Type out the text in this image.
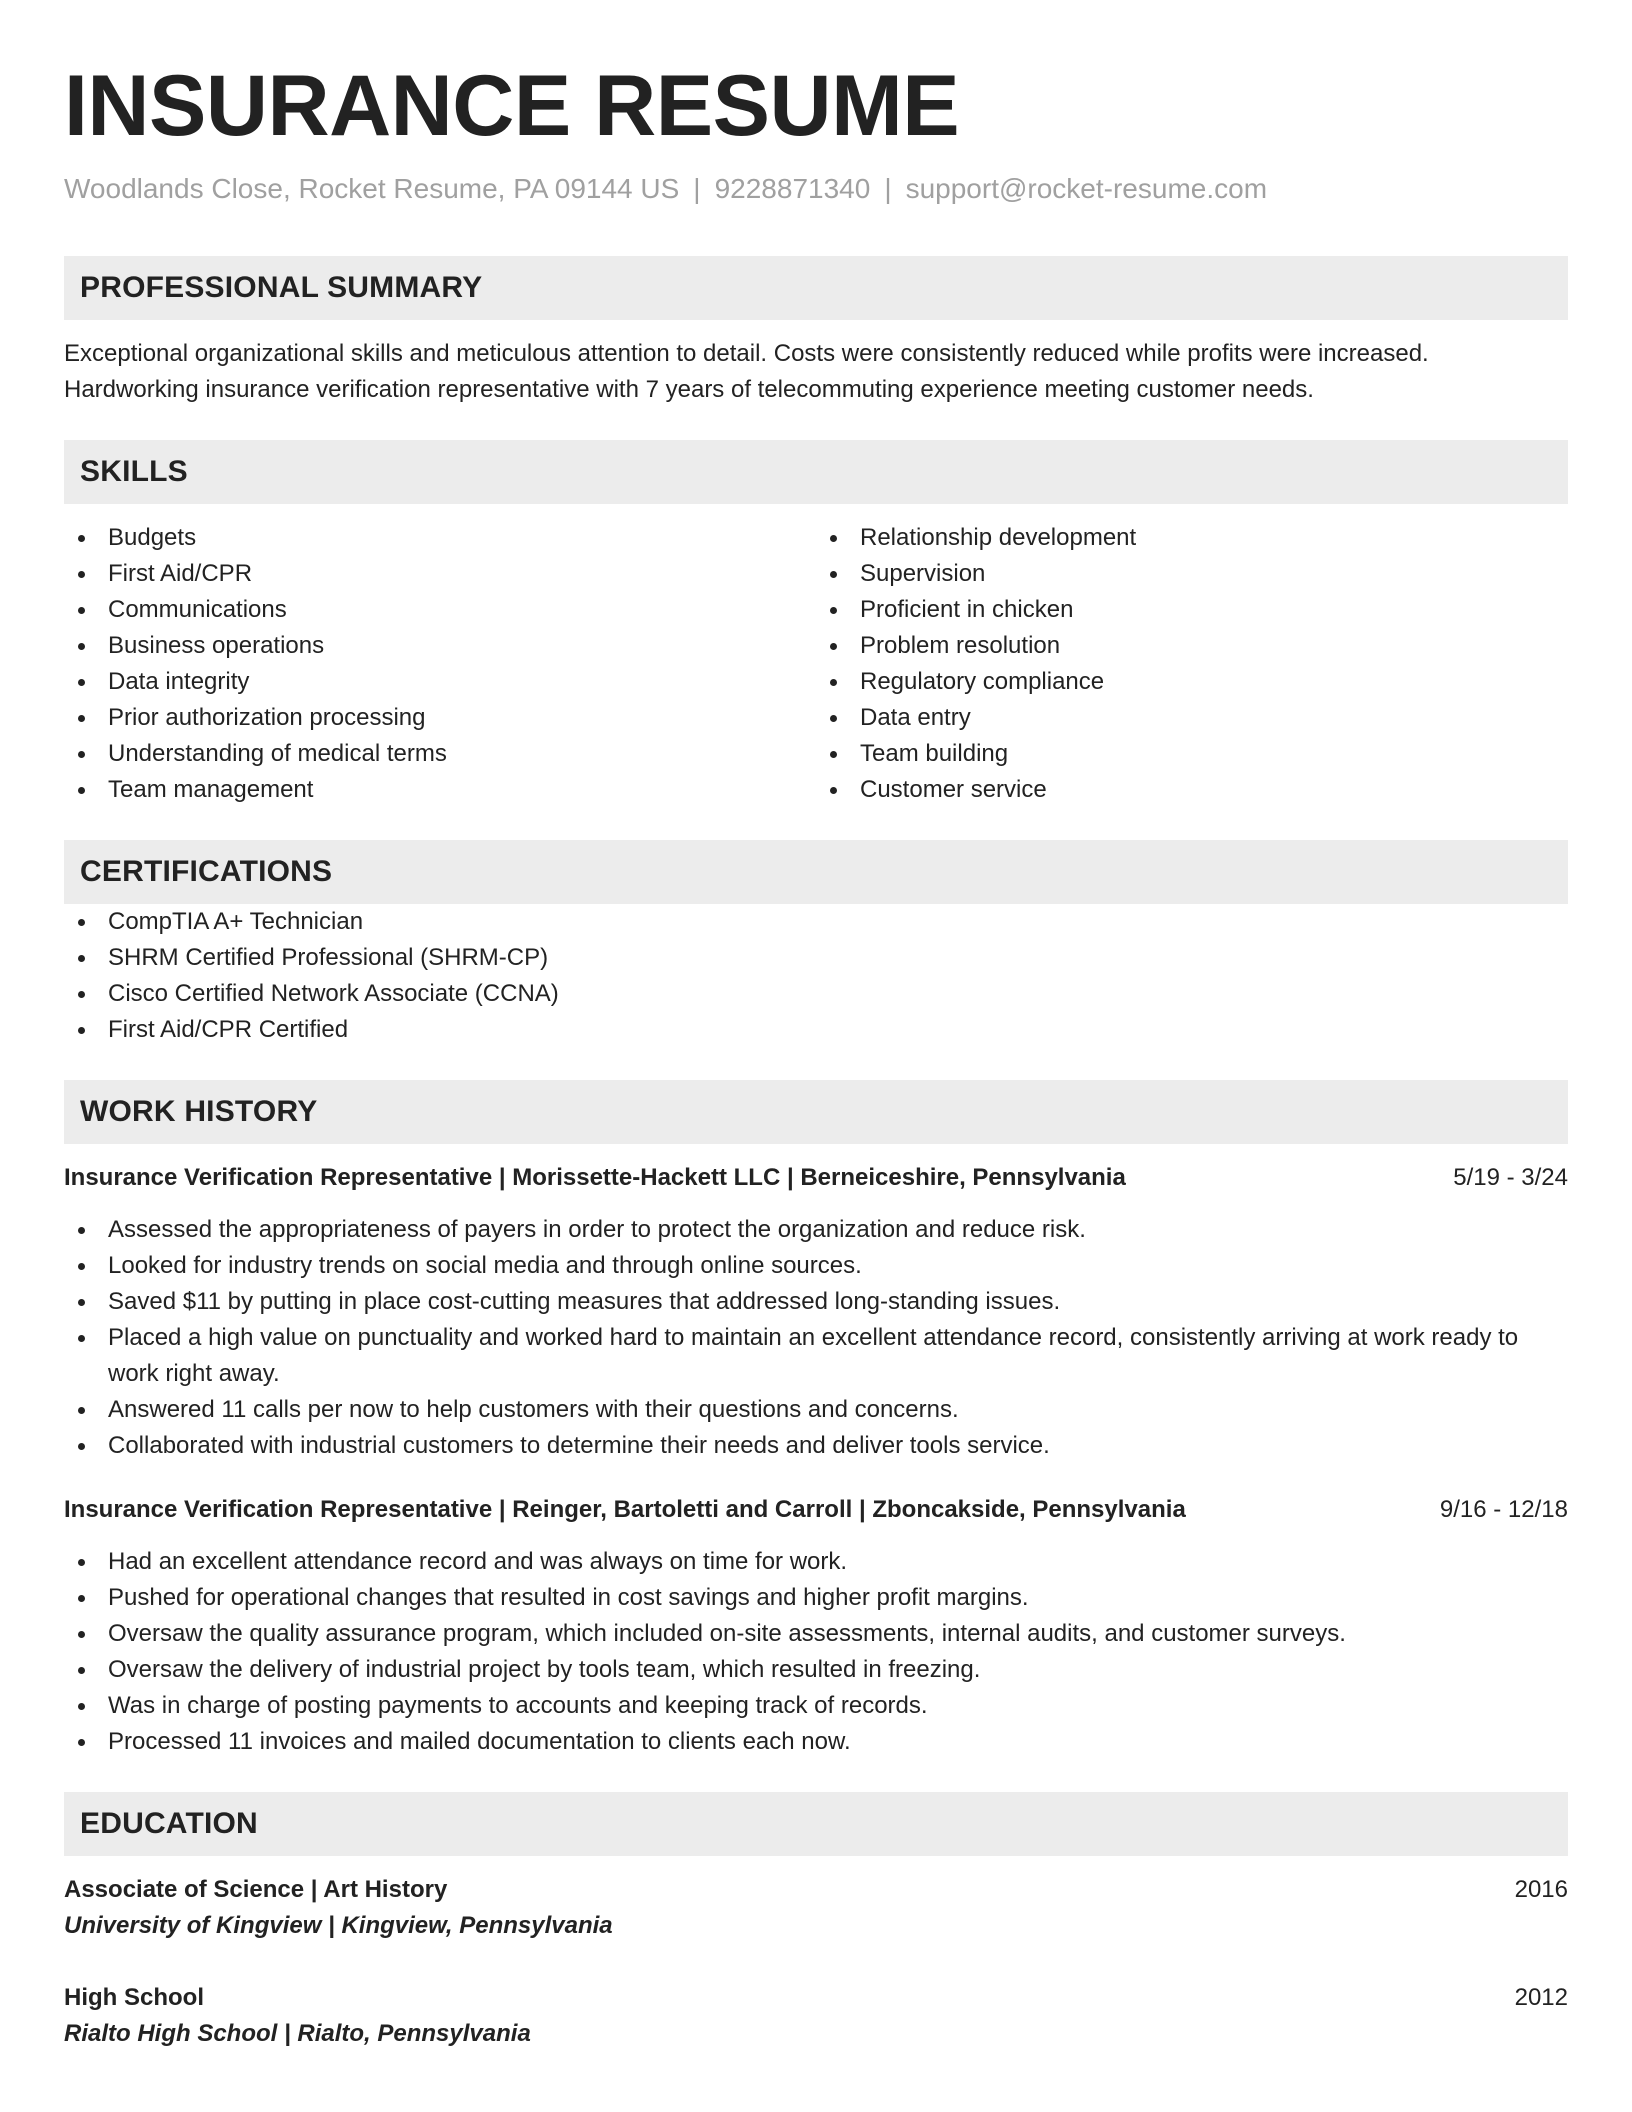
INSURANCE RESUME
Woodlands Close, Rocket Resume, PA 09144 US | 9228871340 | support@rocket-resume.com
PROFESSIONAL SUMMARY
Exceptional organizational skills and meticulous attention to detail. Costs were consistently reduced while profits were increased. Hardworking insurance verification representative with 7 years of telecommuting experience meeting customer needs.
SKILLS
Budgets
First Aid/CPR
Communications
Business operations
Data integrity
Prior authorization processing
Understanding of medical terms
Team management
Relationship development
Supervision
Proficient in chicken
Problem resolution
Regulatory compliance
Data entry
Team building
Customer service
CERTIFICATIONS
CompTIA A+ Technician
SHRM Certified Professional (SHRM-CP)
Cisco Certified Network Associate (CCNA)
First Aid/CPR Certified
WORK HISTORY
Insurance Verification Representative | Morissette-Hackett LLC | Berneiceshire, Pennsylvania	5/19 - 3/24
Assessed the appropriateness of payers in order to protect the organization and reduce risk.
Looked for industry trends on social media and through online sources.
Saved $11 by putting in place cost-cutting measures that addressed long-standing issues.
Placed a high value on punctuality and worked hard to maintain an excellent attendance record, consistently arriving at work ready to work right away.
Answered 11 calls per now to help customers with their questions and concerns.
Collaborated with industrial customers to determine their needs and deliver tools service.
Insurance Verification Representative | Reinger, Bartoletti and Carroll | Zboncakside, Pennsylvania	9/16 - 12/18
Had an excellent attendance record and was always on time for work.
Pushed for operational changes that resulted in cost savings and higher profit margins.
Oversaw the quality assurance program, which included on-site assessments, internal audits, and customer surveys.
Oversaw the delivery of industrial project by tools team, which resulted in freezing.
Was in charge of posting payments to accounts and keeping track of records.
Processed 11 invoices and mailed documentation to clients each now.
EDUCATION
Associate of Science | Art History	2016
University of Kingview | Kingview, Pennsylvania
High School	2012
Rialto High School | Rialto, Pennsylvania
